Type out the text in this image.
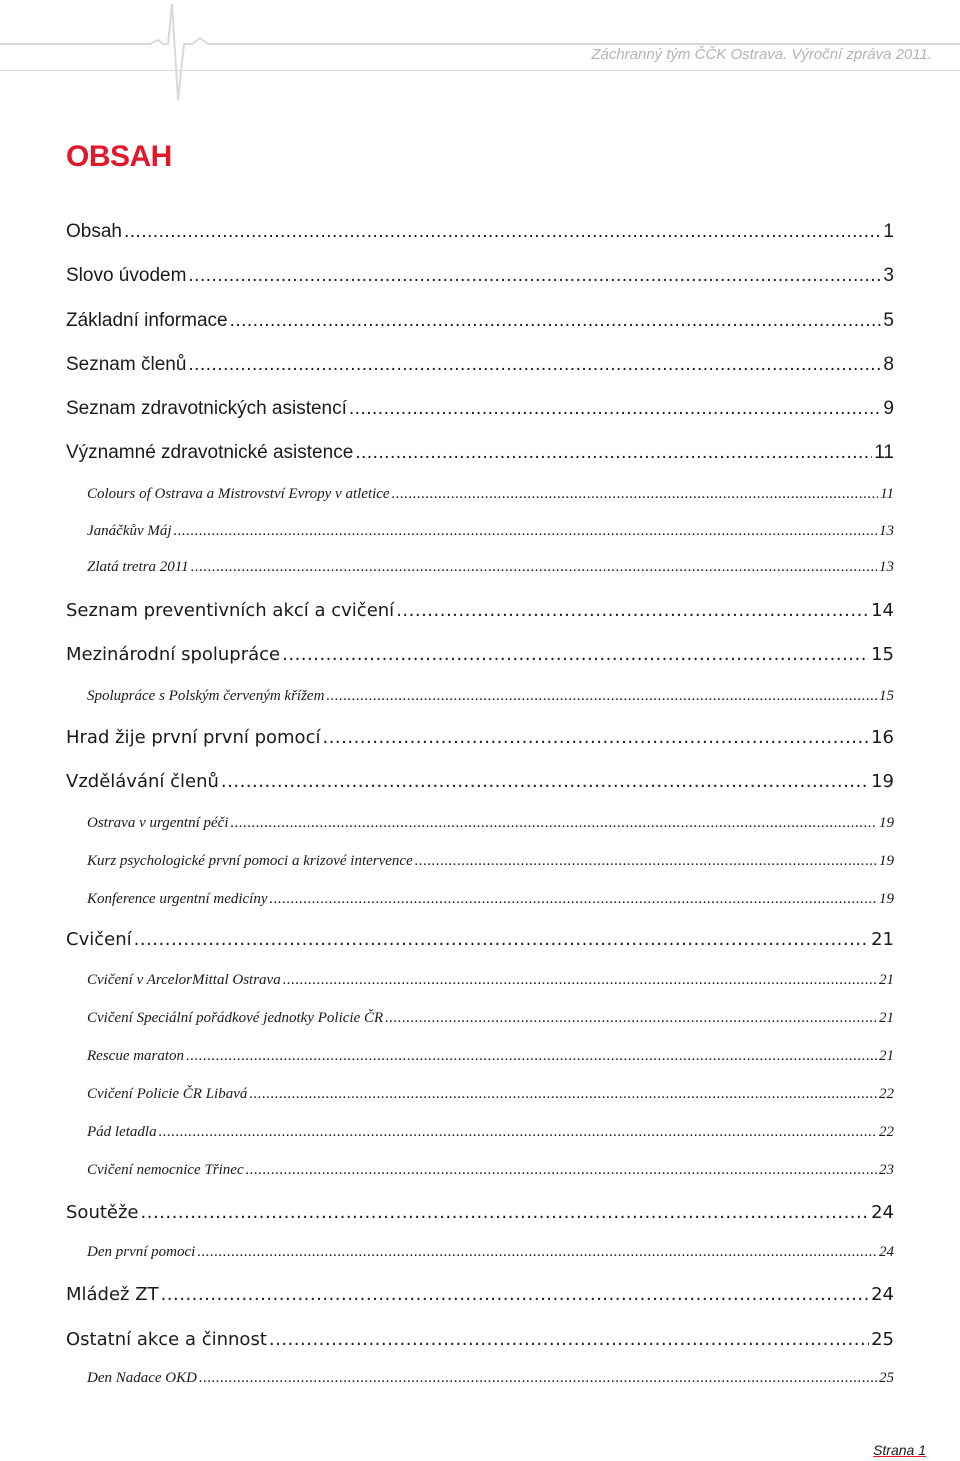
Záchranný tým ČČK Ostrava. Výroční zpráva 2011.
OBSAH
Obsah .....	1
Slovo úvodem .....	3
Základní informace .....	5
Seznam členů .....	8
Seznam zdravotnických asistencí .....	9
Významné zdravotnické asistence .....	11
Colours of Ostrava a Mistrovství Evropy v atletice .....	11
Janáčkův Máj .....	13
Zlatá tretra 2011 .....	13
Seznam preventivních akcí a cvičení .....	14
Mezinárodní spolupráce .....	15
Spolupráce s Polským červeným křížem .....	15
Hrad žije první první pomocí .....	16
Vzdělávání členů .....	19
Ostrava v urgentní péči .....	19
Kurz psychologické první pomoci a krizové intervence .....	19
Konference urgentní medicíny .....	19
Cvičení .....	21
Cvičení v ArcelorMittal Ostrava .....	21
Cvičení Speciální pořádkové jednotky Policie ČR .....	21
Rescue maraton .....	21
Cvičení Policie ČR Libavá .....	22
Pád letadla .....	22
Cvičení nemocnice Třinec .....	23
Soutěže .....	24
Den první pomoci .....	24
Mládež ZT .....	24
Ostatní akce a činnost .....	25
Den Nadace OKD .....	25
Strana 1
